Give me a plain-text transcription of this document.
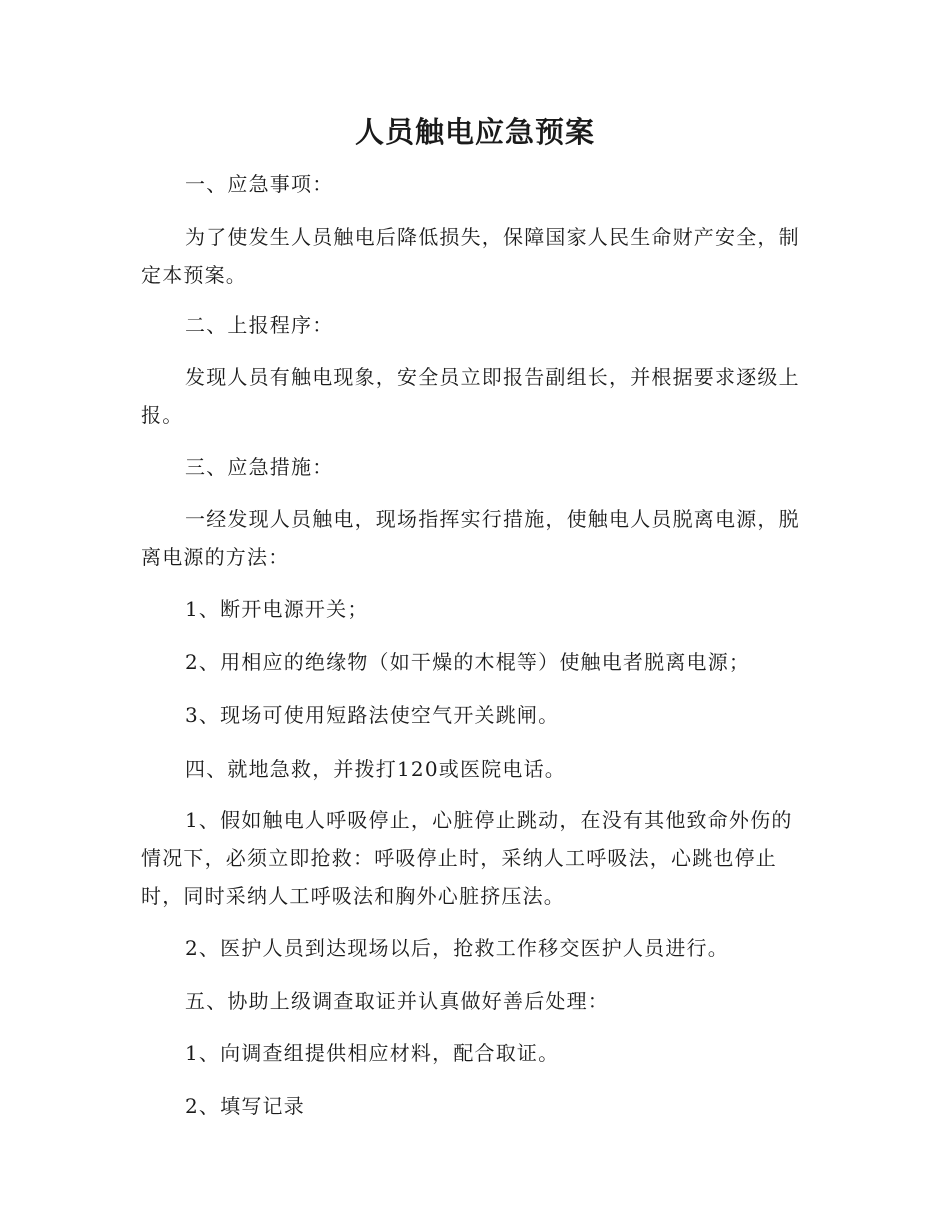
人员触电应急预案

一、应急事项：

为了使发生人员触电后降低损失，保障国家人民生命财产安全，制定本预案。

二、上报程序：

发现人员有触电现象，安全员立即报告副组长，并根据要求逐级上报。

三、应急措施：

一经发现人员触电，现场指挥实行措施，使触电人员脱离电源，脱离电源的方法：

1、断开电源开关；

2、用相应的绝缘物（如干燥的木棍等）使触电者脱离电源；

3、现场可使用短路法使空气开关跳闸。

四、就地急救，并拨打120或医院电话。

1、假如触电人呼吸停止，心脏停止跳动，在没有其他致命外伤的情况下，必须立即抢救：呼吸停止时，采纳人工呼吸法，心跳也停止时，同时采纳人工呼吸法和胸外心脏挤压法。

2、医护人员到达现场以后，抢救工作移交医护人员进行。

五、协助上级调查取证并认真做好善后处理：

1、向调查组提供相应材料，配合取证。

2、填写记录
